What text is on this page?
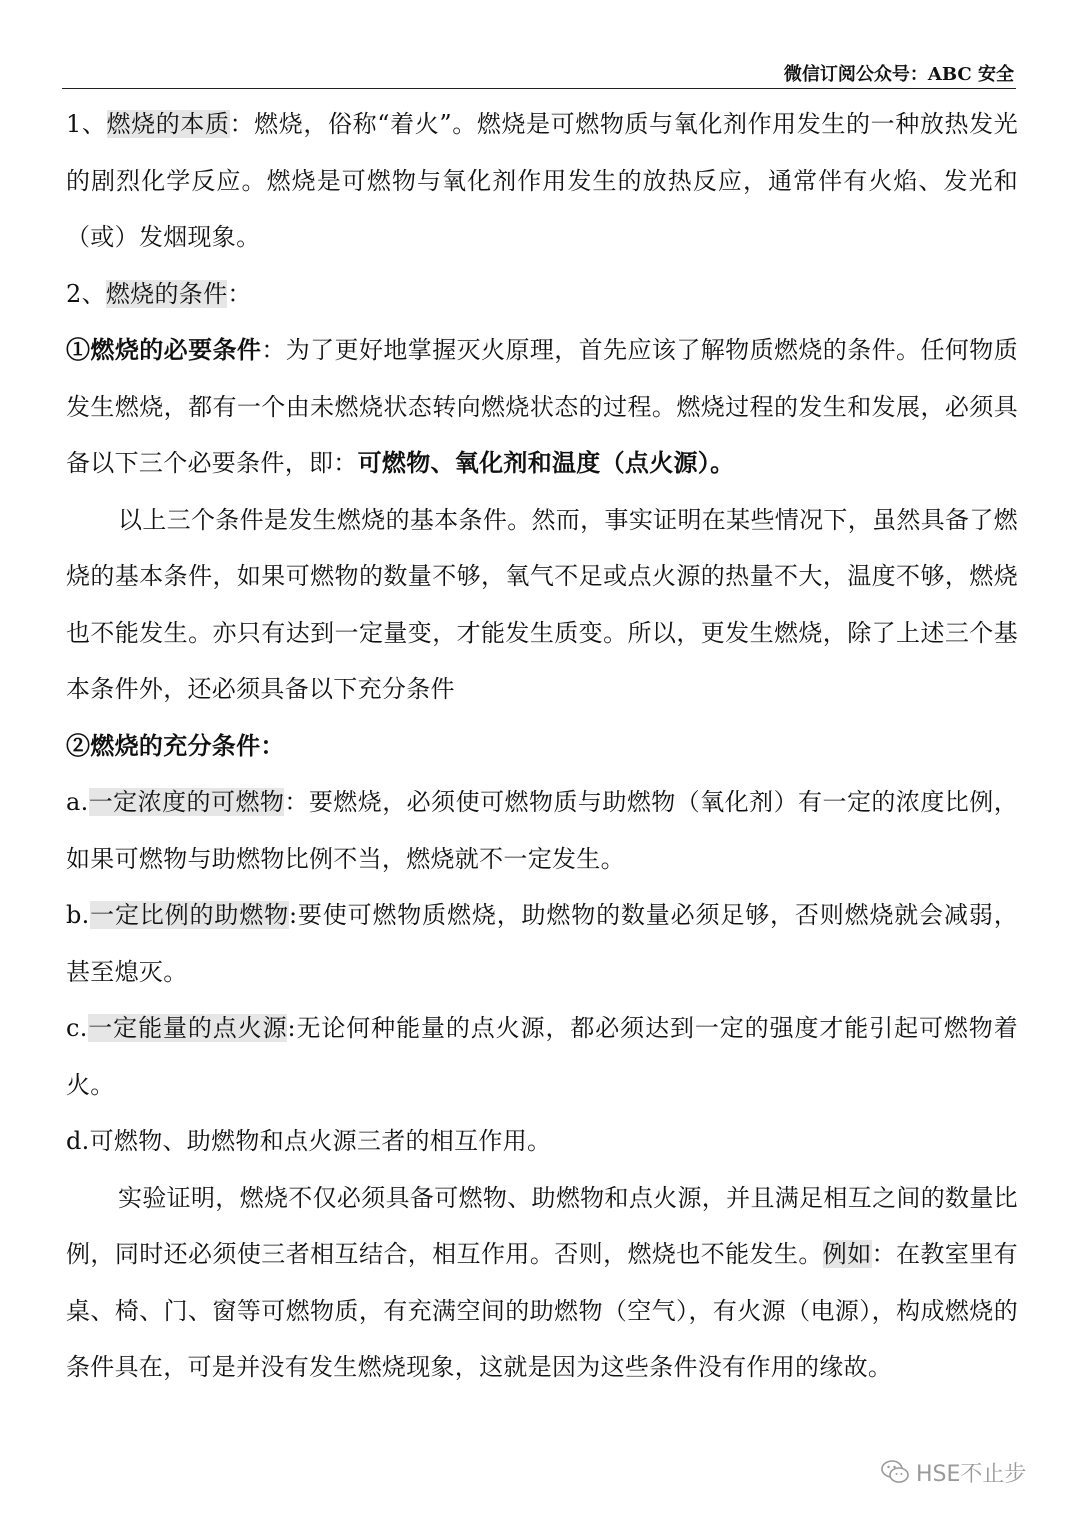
微信订阅公众号：ABC 安全

1、燃烧的本质：燃烧，俗称“着火”。燃烧是可燃物质与氧化剂作用发生的一种放热发光的剧烈化学反应。燃烧是可燃物与氧化剂作用发生的放热反应，通常伴有火焰、发光和（或）发烟现象。

2、燃烧的条件：

①燃烧的必要条件：为了更好地掌握灭火原理，首先应该了解物质燃烧的条件。任何物质发生燃烧，都有一个由未燃烧状态转向燃烧状态的过程。燃烧过程的发生和发展，必须具备以下三个必要条件，即：可燃物、氧化剂和温度（点火源）。

以上三个条件是发生燃烧的基本条件。然而，事实证明在某些情况下，虽然具备了燃烧的基本条件，如果可燃物的数量不够，氧气不足或点火源的热量不大，温度不够，燃烧也不能发生。亦只有达到一定量变，才能发生质变。所以，更发生燃烧，除了上述三个基本条件外，还必须具备以下充分条件

②燃烧的充分条件：

a.一定浓度的可燃物：要燃烧，必须使可燃物质与助燃物（氧化剂）有一定的浓度比例，如果可燃物与助燃物比例不当，燃烧就不一定发生。

b.一定比例的助燃物:要使可燃物质燃烧，助燃物的数量必须足够，否则燃烧就会减弱，甚至熄灭。

c.一定能量的点火源:无论何种能量的点火源，都必须达到一定的强度才能引起可燃物着火。

d.可燃物、助燃物和点火源三者的相互作用。

实验证明，燃烧不仅必须具备可燃物、助燃物和点火源，并且满足相互之间的数量比例，同时还必须使三者相互结合，相互作用。否则，燃烧也不能发生。例如：在教室里有桌、椅、门、窗等可燃物质，有充满空间的助燃物（空气），有火源（电源），构成燃烧的条件具在，可是并没有发生燃烧现象，这就是因为这些条件没有作用的缘故。

HSE不止步
